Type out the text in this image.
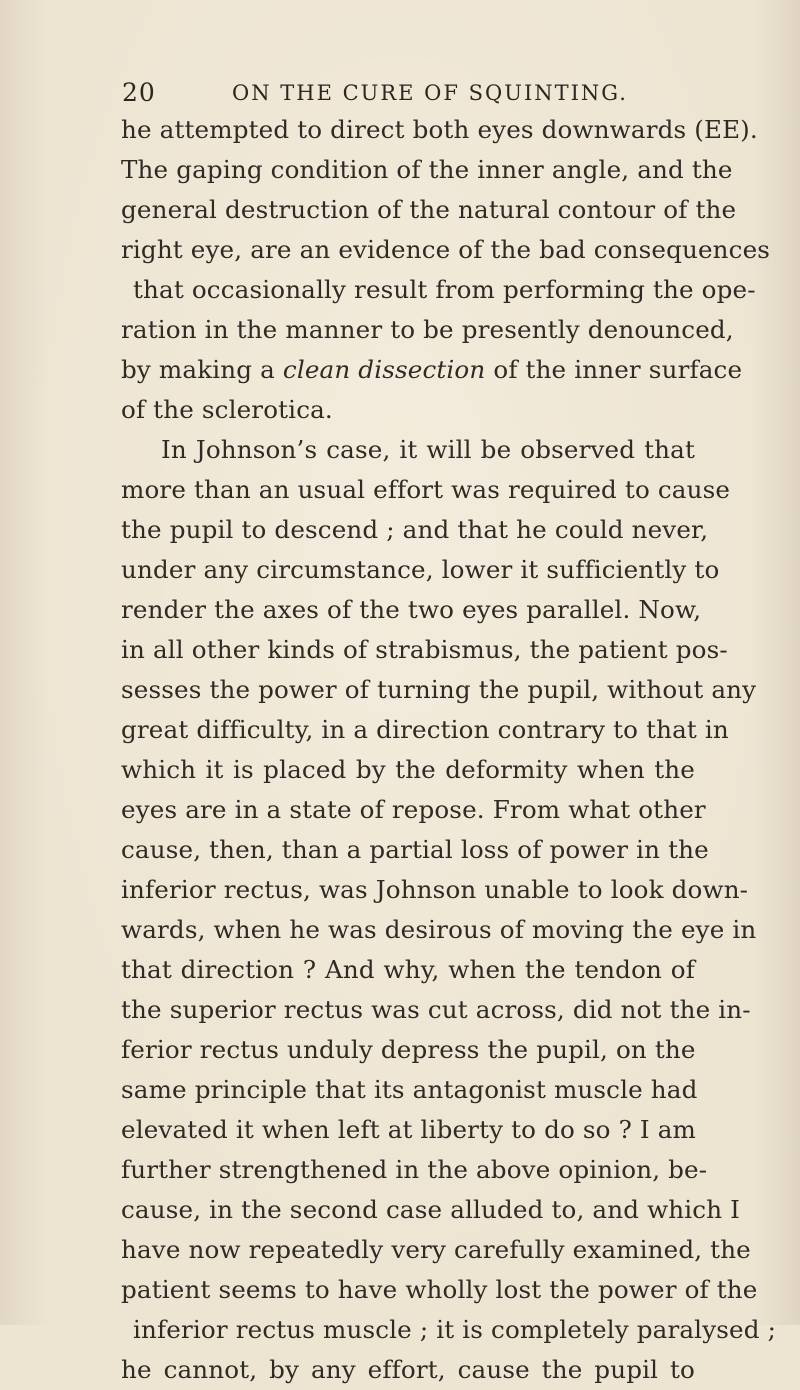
20	ON THE CURE OF SQUINTING.
he attempted to direct both eyes downwards (EE).
The gaping condition of the inner angle, and the
general destruction of the natural contour of the
right eye, are an evidence of the bad consequences
that occasionally result from performing the ope-
ration in the manner to be presently denounced,
by making a clean dissection of the inner surface
of the sclerotica.
In Johnson’s case, it will be observed that
more than an usual effort was required to cause
the pupil to descend ; and that he could never,
under any circumstance, lower it sufficiently to
render the axes of the two eyes parallel. Now,
in all other kinds of strabismus, the patient pos-
sesses the power of turning the pupil, without any
great difficulty, in a direction contrary to that in
which it is placed by the deformity when the
eyes are in a state of repose. From what other
cause, then, than a partial loss of power in the
inferior rectus, was Johnson unable to look down-
wards, when he was desirous of moving the eye in
that direction ? And why, when the tendon of
the superior rectus was cut across, did not the in-
ferior rectus unduly depress the pupil, on the
same principle that its antagonist muscle had
elevated it when left at liberty to do so ? I am
further strengthened in the above opinion, be-
cause, in the second case alluded to, and which I
have now repeatedly very carefully examined, the
patient seems to have wholly lost the power of the
inferior rectus muscle ; it is completely paralysed ;
he cannot, by any effort, cause the pupil to
